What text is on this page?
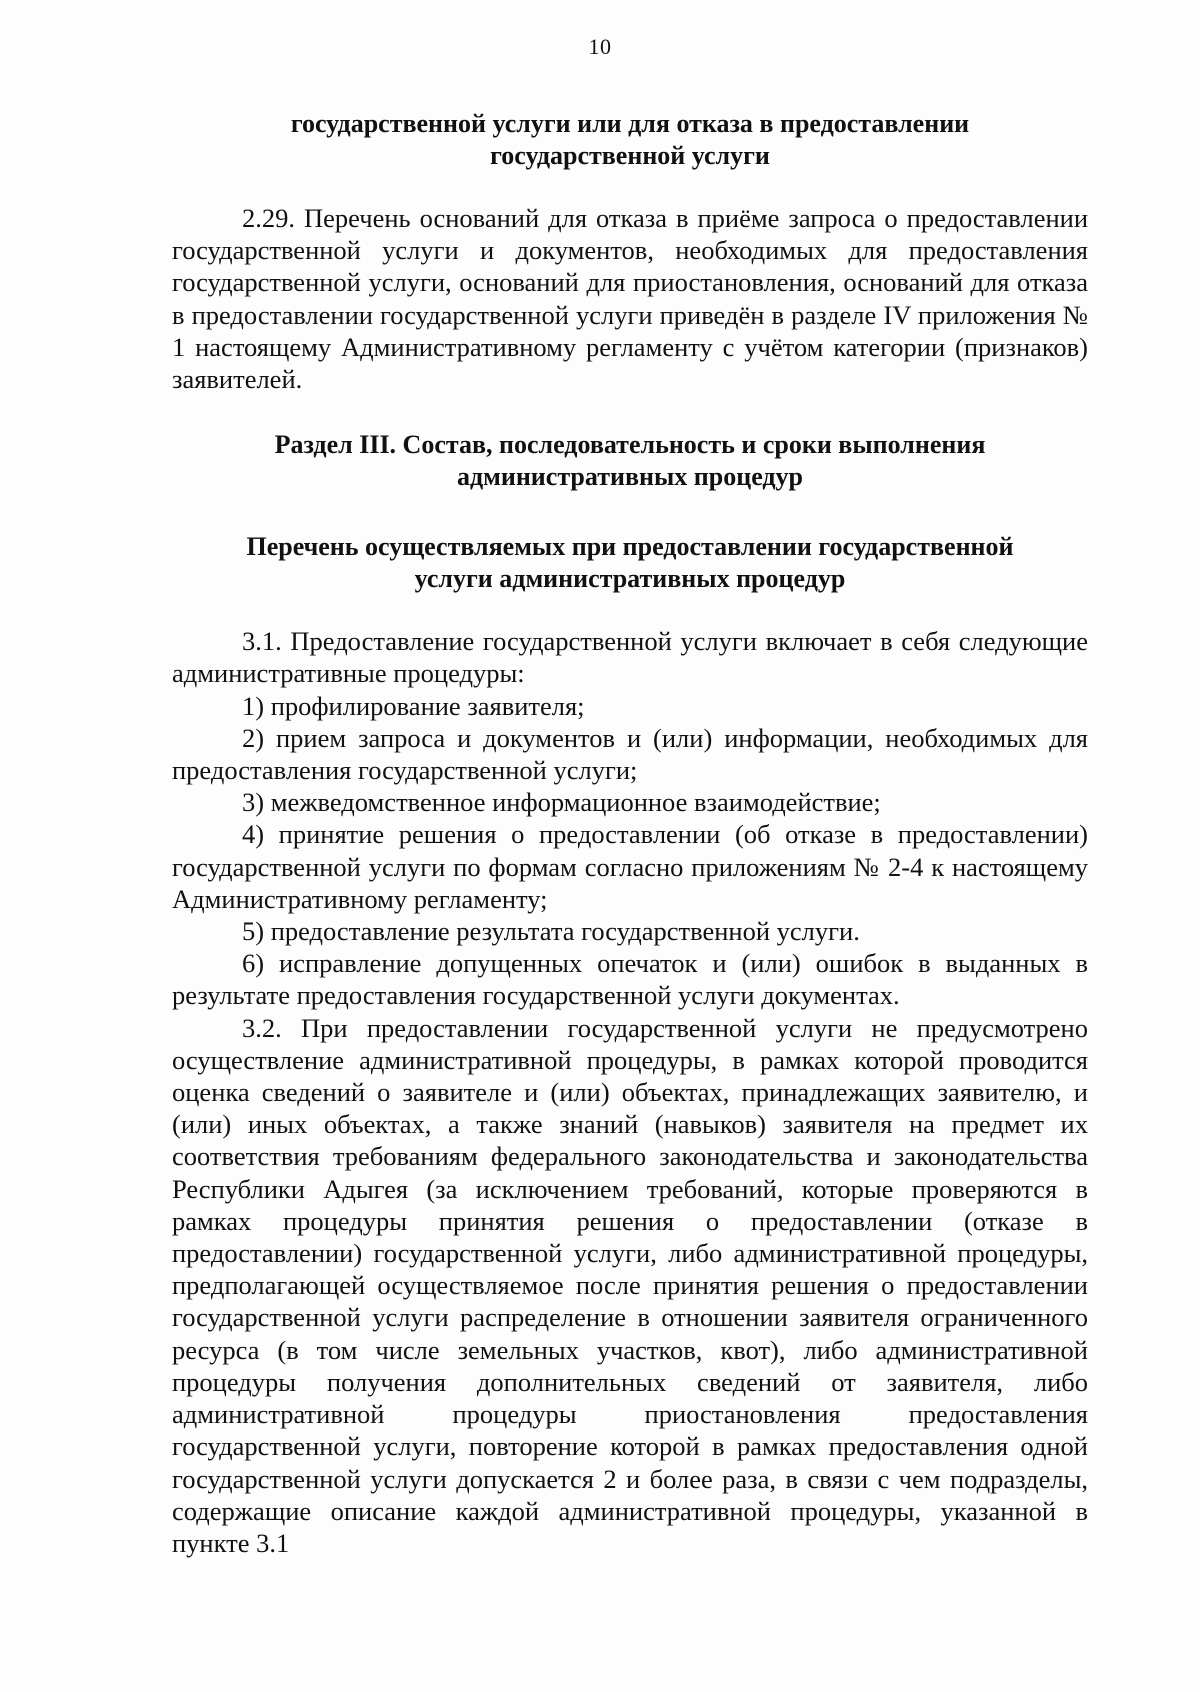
10
государственной услуги или для отказа в предоставлении
государственной услуги

2.29. Перечень оснований для отказа в приёме запроса о предоставлении государственной услуги и документов, необходимых для предоставления государственной услуги, оснований для приостановления, оснований для отказа в предоставлении государственной услуги приведён в разделе IV приложения № 1 настоящему Административному регламенту с учётом категории (признаков) заявителей.

Раздел III. Состав, последовательность и сроки выполнения
административных процедур
Перечень осуществляемых при предоставлении государственной
услуги административных процедур

3.1. Предоставление государственной услуги включает в себя следующие административные процедуры:

1) профилирование заявителя;

2) прием запроса и документов и (или) информации, необходимых для предоставления государственной услуги;

3) межведомственное информационное взаимодействие;

4) принятие решения о предоставлении (об отказе в предоставлении) государственной услуги по формам согласно приложениям № 2-4 к настоящему Административному регламенту;

5) предоставление результата государственной услуги.

6) исправление допущенных опечаток и (или) ошибок в выданных в результате предоставления государственной услуги документах.

3.2. При предоставлении государственной услуги не предусмотрено осуществление административной процедуры, в рамках которой проводится оценка сведений о заявителе и (или) объектах, принадлежащих заявителю, и (или) иных объектах, а также знаний (навыков) заявителя на предмет их соответствия требованиям федерального законодательства и законодательства Республики Адыгея (за исключением требований, которые проверяются в рамках процедуры принятия решения о предоставлении (отказе в предоставлении) государственной услуги, либо административной процедуры, предполагающей осуществляемое после принятия решения о предоставлении государственной услуги распределение в отношении заявителя ограниченного ресурса (в том числе земельных участков, квот), либо административной процедуры получения дополнительных сведений от заявителя, либо административной процедуры приостановления предоставления государственной услуги, повторение которой в рамках предоставления одной государственной услуги допускается 2 и более раза, в связи с чем подразделы, содержащие описание каждой административной процедуры, указанной в пункте 3.1
